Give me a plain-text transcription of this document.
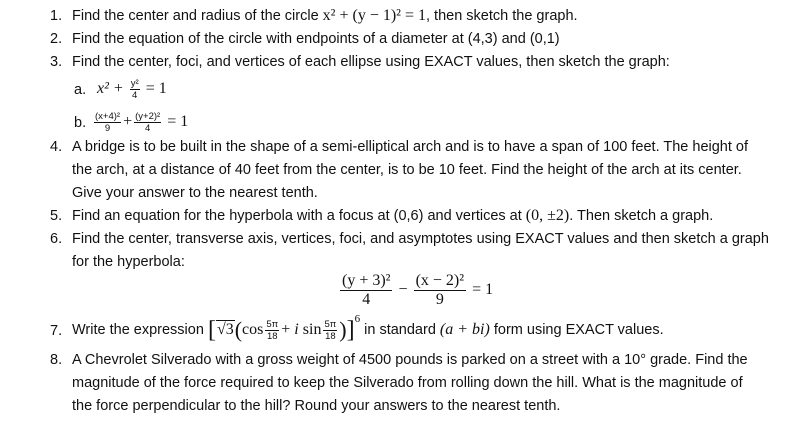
1. Find the center and radius of the circle x² + (y − 1)² = 1, then sketch the graph.
2. Find the equation of the circle with endpoints of a diameter at (4,3) and (0,1)
3. Find the center, foci, and vertices of each ellipse using EXACT values, then sketch the graph:
a. $x^2 + \frac{\text{y²}}{4} = 1$
b. $\frac{\text{(x+4)²}}{9} + \frac{\text{(y+2)²}}{4} = 1$
4. A bridge is to be built in the shape of a semi-elliptical arch and is to have a span of 100 feet. The height of
the arch, at a distance of 40 feet from the center, is to be 10 feet. Find the height of the arch at its center.
Give your answer to the nearest tenth.
5. Find an equation for the hyperbola with a focus at (0,6) and vertices at (0, ±2). Then sketch a graph.
6. Find the center, transverse axis, vertices, foci, and asymptotes using EXACT values and then sketch a graph
for the hyperbola:
$\frac{\text{(y + 3)²}}{4} - \frac{\text{(x − 2)²}}{9} = 1$
7. Write the expression [$√3(\cos \frac{5\pi}{18} + i$ $\sin \frac{5\pi}{18} )]^6$ in standard (a + bi) form using EXACT values.
8. A Chevrolet Silverado with a gross weight of 4500 pounds is parked on a street with a 10° grade. Find the
magnitude of the force required to keep the Silverado from rolling down the hill. What is the magnitude of
the force perpendicular to the hill? Round your answers to the nearest tenth.
